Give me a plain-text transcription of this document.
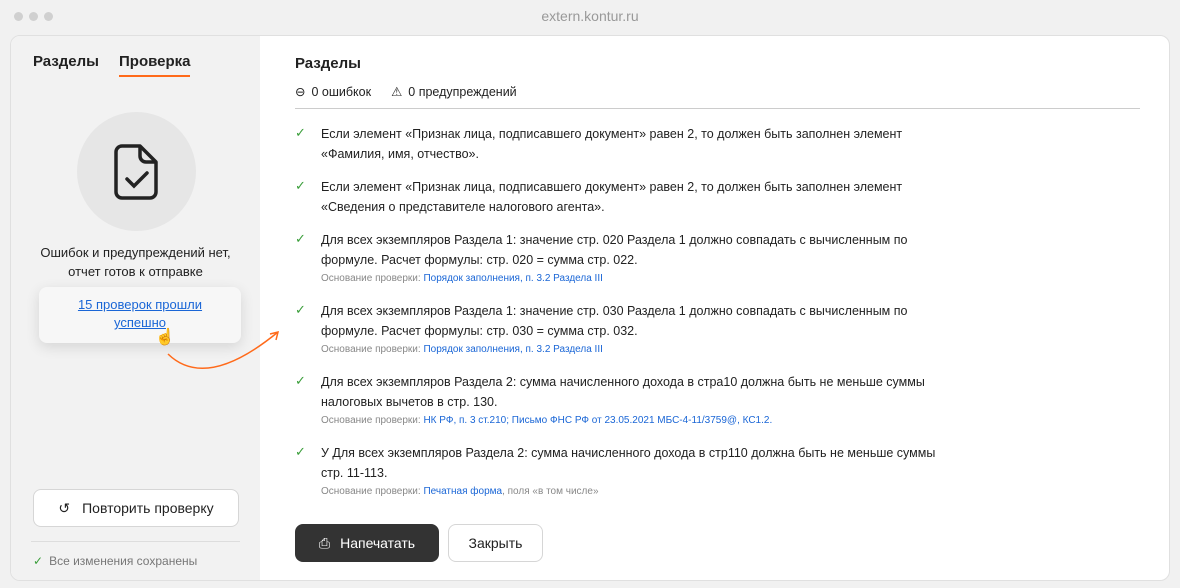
extern.kontur.ru
Разделы Проверка
Ошибок и предупреждений нет,
отчет готов к отправке
15 проверок прошли успешно
☝
↺ Повторить проверку
✓ Все изменения сохранены
Разделы
⊖ 0 ошибкок ⚠ 0 предупреждений
✓ Если элемент «Признак лица, подписавшего документ» равен 2, то должен быть заполнен элемент «Фамилия, имя, отчество».
✓ Если элемент «Признак лица, подписавшего документ» равен 2, то должен быть заполнен элемент «Сведения о представителе налогового агента».
✓ Для всех экземпляров Раздела 1: значение стр. 020 Раздела 1 должно совпадать с вычисленным по формуле. Расчет формулы: стр. 020 = сумма стр. 022.
Основание проверки: Порядок заполнения, п. 3.2 Раздела III
✓ Для всех экземпляров Раздела 1: значение стр. 030 Раздела 1 должно совпадать с вычисленным по формуле. Расчет формулы: стр. 030 = сумма стр. 032.
Основание проверки: Порядок заполнения, п. 3.2 Раздела III
✓ Для всех экземпляров Раздела 2: сумма начисленного дохода в стра10 должна быть не меньше суммы налоговых вычетов в стр. 130.
Основание проверки: НК РФ, п. 3 ст.210; Письмо ФНС РФ от 23.05.2021 МБС-4-11/3759@, КС1.2.
✓ У Для всех экземпляров Раздела 2: сумма начисленного дохода в стр110 должна быть не меньше суммы стр. 11-113.
Основание проверки: Печатная форма, поля «в том числе»
⎙ Напечатать	Закрыть
